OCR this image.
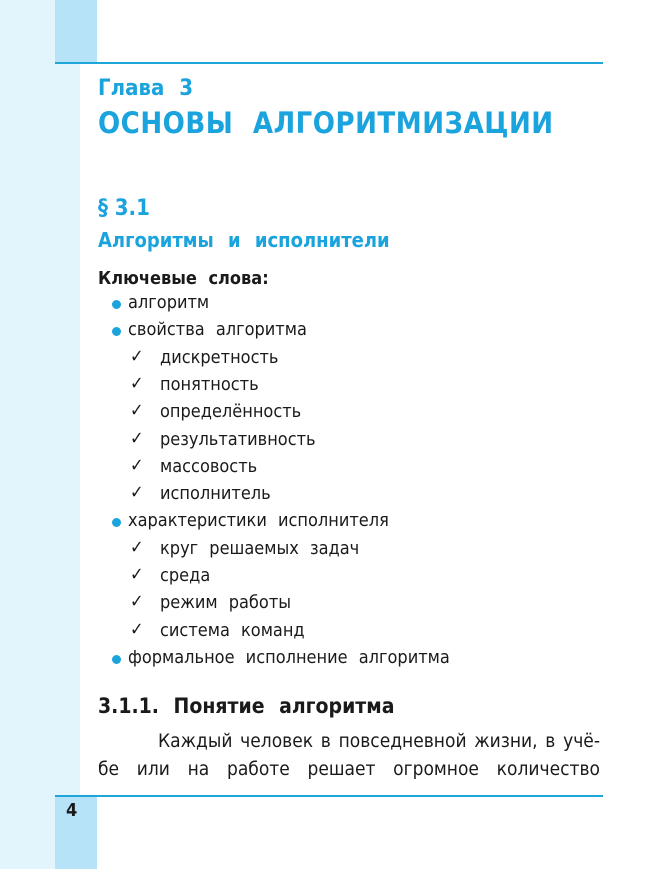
Глава 3
ОСНОВЫ АЛГОРИТМИЗАЦИИ
§ 3.1
Алгоритмы и исполнители
Ключевые слова:
алгоритм
свойства алгоритма
✓ дискретность
✓ понятность
✓ определённость
✓ результативность
✓ массовость
✓ исполнитель
характеристики исполнителя
✓ круг решаемых задач
✓ среда
✓ режим работы
✓ система команд
формальное исполнение алгоритма
3.1.1. Понятие алгоритма
Каждый человек в повседневной жизни, в учё-
бе или на работе решает огромное количество
4
